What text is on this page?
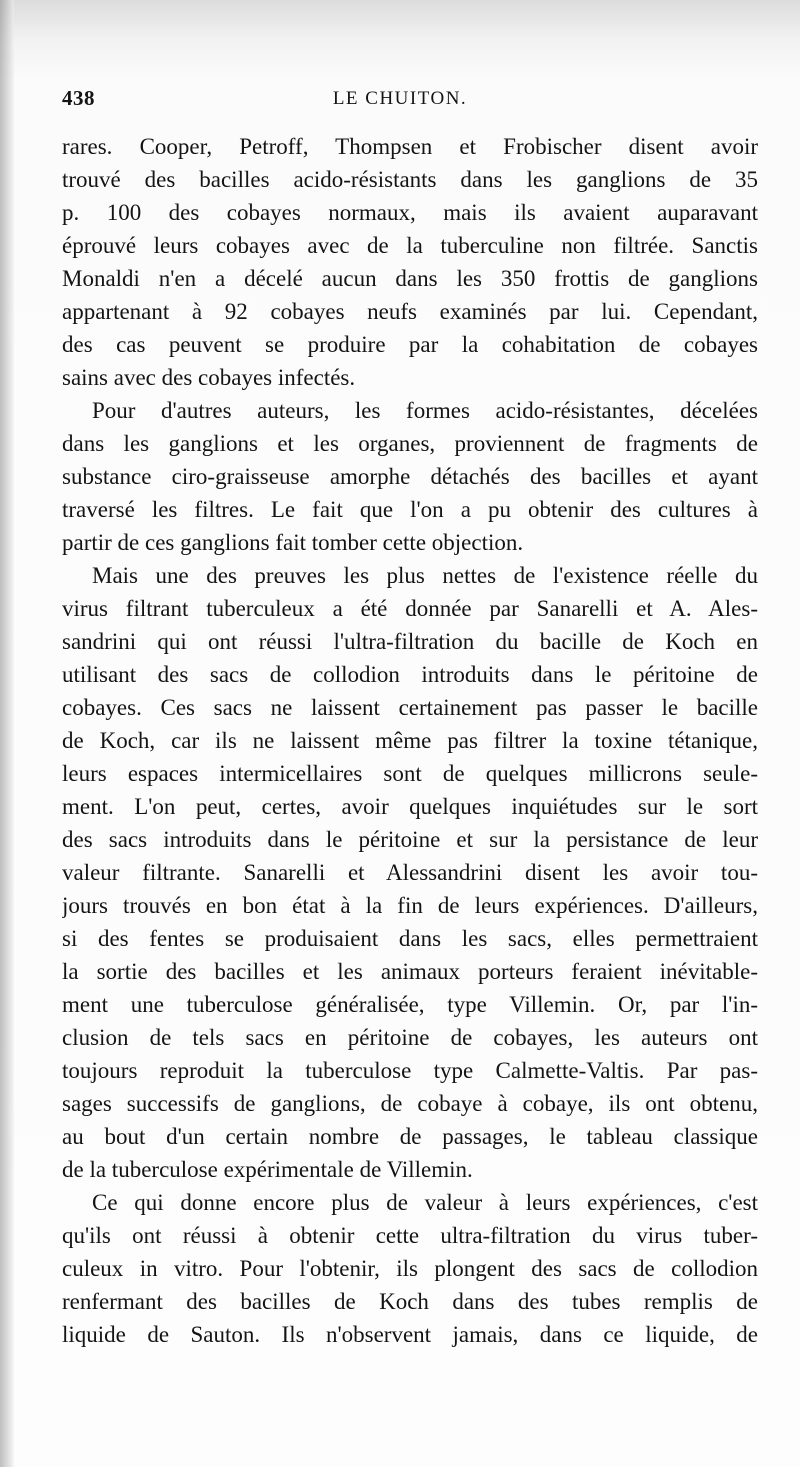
438	LE CHUITON.
rares. Cooper, Petroff, Thompsen et Frobischer disent avoir
trouvé des bacilles acido-résistants dans les ganglions de 35
p. 100 des cobayes normaux, mais ils avaient auparavant
éprouvé leurs cobayes avec de la tuberculine non filtrée. Sanctis
Monaldi n'en a décelé aucun dans les 350 frottis de ganglions
appartenant à 92 cobayes neufs examinés par lui. Cependant,
des cas peuvent se produire par la cohabitation de cobayes
sains avec des cobayes infectés.
Pour d'autres auteurs, les formes acido-résistantes, décelées
dans les ganglions et les organes, proviennent de fragments de
substance ciro-graisseuse amorphe détachés des bacilles et ayant
traversé les filtres. Le fait que l'on a pu obtenir des cultures à
partir de ces ganglions fait tomber cette objection.
Mais une des preuves les plus nettes de l'existence réelle du
virus filtrant tuberculeux a été donnée par Sanarelli et A. Ales-
sandrini qui ont réussi l'ultra-filtration du bacille de Koch en
utilisant des sacs de collodion introduits dans le péritoine de
cobayes. Ces sacs ne laissent certainement pas passer le bacille
de Koch, car ils ne laissent même pas filtrer la toxine tétanique,
leurs espaces intermicellaires sont de quelques millicrons seule-
ment. L'on peut, certes, avoir quelques inquiétudes sur le sort
des sacs introduits dans le péritoine et sur la persistance de leur
valeur filtrante. Sanarelli et Alessandrini disent les avoir tou-
jours trouvés en bon état à la fin de leurs expériences. D'ailleurs,
si des fentes se produisaient dans les sacs, elles permettraient
la sortie des bacilles et les animaux porteurs feraient inévitable-
ment une tuberculose généralisée, type Villemin. Or, par l'in-
clusion de tels sacs en péritoine de cobayes, les auteurs ont
toujours reproduit la tuberculose type Calmette-Valtis. Par pas-
sages successifs de ganglions, de cobaye à cobaye, ils ont obtenu,
au bout d'un certain nombre de passages, le tableau classique
de la tuberculose expérimentale de Villemin.
Ce qui donne encore plus de valeur à leurs expériences, c'est
qu'ils ont réussi à obtenir cette ultra-filtration du virus tuber-
culeux in vitro. Pour l'obtenir, ils plongent des sacs de collodion
renfermant des bacilles de Koch dans des tubes remplis de
liquide de Sauton. Ils n'observent jamais, dans ce liquide, de
